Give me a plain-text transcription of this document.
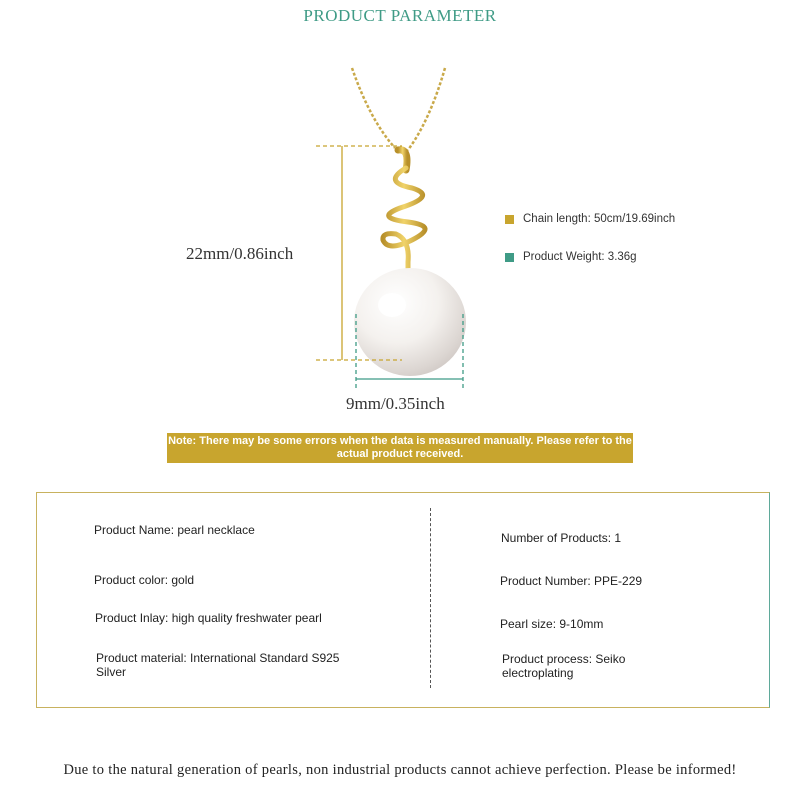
PRODUCT PARAMETER
22mm/0.86inch
9mm/0.35inch
Chain length: 50cm/19.69inch
Product Weight: 3.36g
Note: There may be some errors when the data is measured manually. Please refer to the actual product received.
Product Name: pearl necklace
Product color: gold
Product Inlay: high quality freshwater pearl
Product material: International Standard S925 Silver
Number of Products: 1
Product Number: PPE-229
Pearl size: 9-10mm
Product process: Seiko electroplating
Due to the natural generation of pearls, non industrial products cannot achieve perfection. Please be informed!
